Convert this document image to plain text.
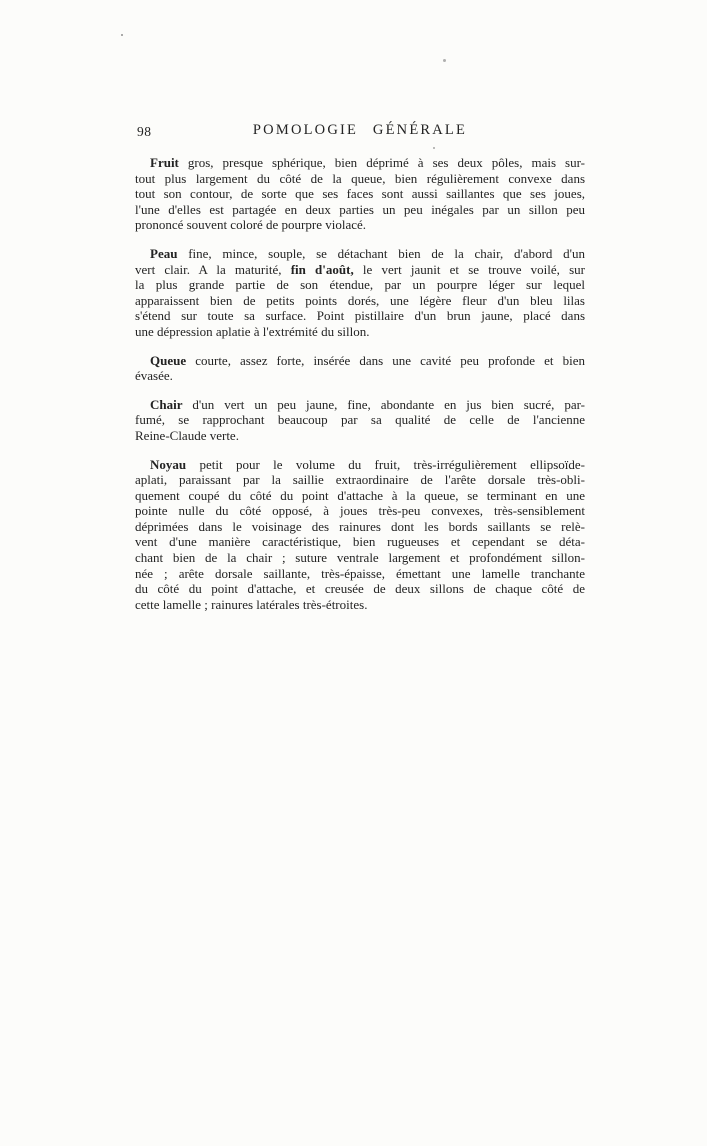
98	POMOLOGIE GÉNÉRALE
Fruit gros, presque sphérique, bien déprimé à ses deux pôles, mais sur-
tout plus largement du côté de la queue, bien régulièrement convexe dans
tout son contour, de sorte que ses faces sont aussi saillantes que ses joues,
l'une d'elles est partagée en deux parties un peu inégales par un sillon peu
prononcé souvent coloré de pourpre violacé.
Peau fine, mince, souple, se détachant bien de la chair, d'abord d'un
vert clair. A la maturité, fin d'août, le vert jaunit et se trouve voilé, sur
la plus grande partie de son étendue, par un pourpre léger sur lequel
apparaissent bien de petits points dorés, une légère fleur d'un bleu lilas
s'étend sur toute sa surface. Point pistillaire d'un brun jaune, placé dans
une dépression aplatie à l'extrémité du sillon.
Queue courte, assez forte, insérée dans une cavité peu profonde et bien
évasée.
Chair d'un vert un peu jaune, fine, abondante en jus bien sucré, par-
fumé, se rapprochant beaucoup par sa qualité de celle de l'ancienne
Reine-Claude verte.
Noyau petit pour le volume du fruit, très-irrégulièrement ellipsoïde-
aplati, paraissant par la saillie extraordinaire de l'arête dorsale très-obli-
quement coupé du côté du point d'attache à la queue, se terminant en une
pointe nulle du côté opposé, à joues très-peu convexes, très-sensiblement
déprimées dans le voisinage des rainures dont les bords saillants se relè-
vent d'une manière caractéristique, bien rugueuses et cependant se déta-
chant bien de la chair ; suture ventrale largement et profondément sillon-
née ; arête dorsale saillante, très-épaisse, émettant une lamelle tranchante
du côté du point d'attache, et creusée de deux sillons de chaque côté de
cette lamelle ; rainures latérales très-étroites.
